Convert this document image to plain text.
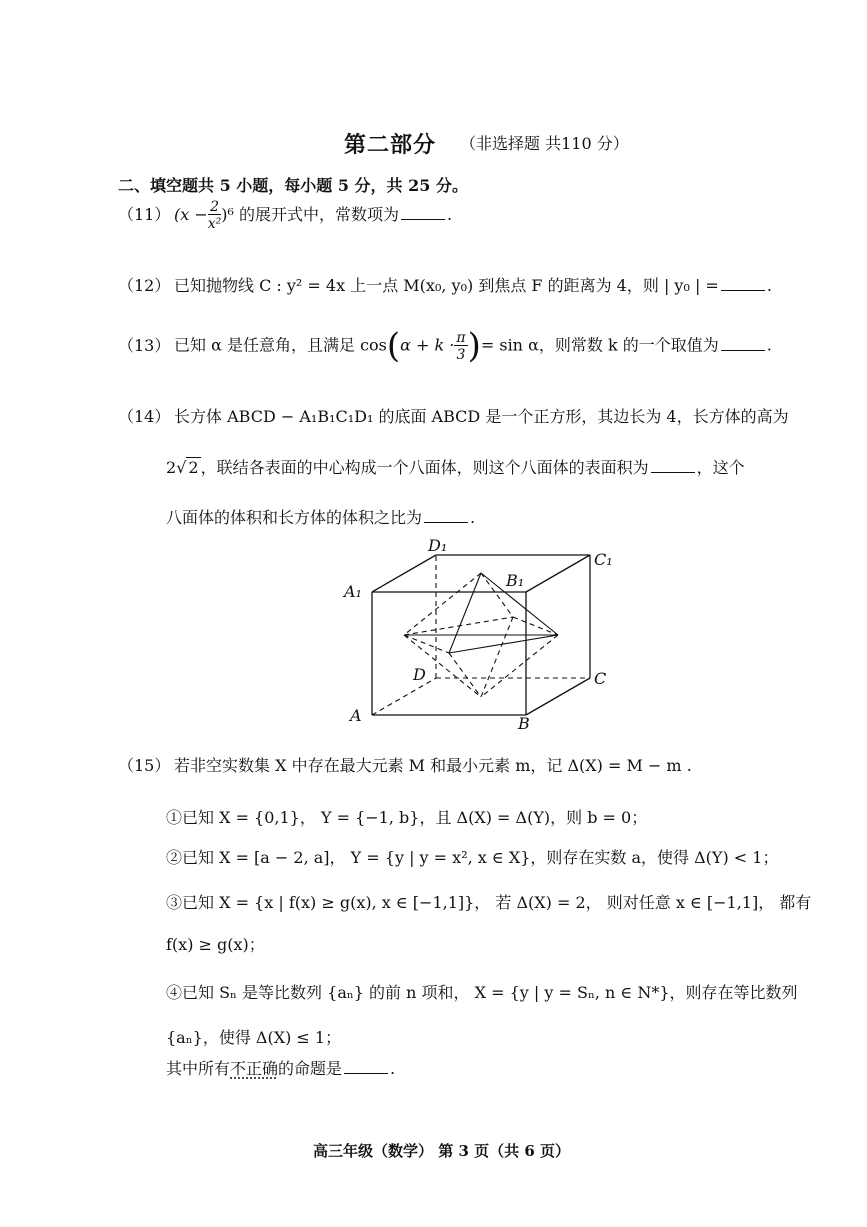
第二部分 （非选择题 共110 分）
二、填空题共 5 小题，每小题 5 分，共 25 分。
（11） $(x - \frac{2}{\text{x²}} )^6$ 的展开式中，常数项为	.
（12） 已知抛物线 C : y² = 4x 上一点 M(x₀, y₀) 到焦点 F 的距离为 4，则 | y₀ | =	.
（13） 已知 α 是任意角，且满足 $\cos(\alpha + k \cdot \frac{\pi}{3}$ )= sin α，则常数 k 的一个取值为	.
（14） 长方体 ABCD − A₁B₁C₁D₁ 的底面 ABCD 是一个正方形，其边长为 4，长方体的高为
2√ 2 ，联结各表面的中心构成一个八面体，则这个八面体的表面积为	，这个
八面体的体积和长方体的体积之比为	.
D₁
C₁
A₁
B₁
D	C
A	B
（15） 若非空实数集 X 中存在最大元素 M 和最小元素 m，记 Δ(X) = M − m .
①已知 X = {0,1}， Y = {−1, b}，且 Δ(X) = Δ(Y)，则 b = 0；
②已知 X = [a − 2, a]， Y = {y | y = x², x ∈ X}，则存在实数 a，使得 Δ(Y) < 1；
③已知 X = {x | f(x) ≥ g(x), x ∈ [−1,1]}， 若 Δ(X) = 2， 则对任意 x ∈ [−1,1]， 都有
f(x) ≥ g(x)；
④已知 Sₙ 是等比数列 {aₙ} 的前 n 项和， X = {y | y = Sₙ, n ∈ N*}，则存在等比数列
{aₙ}，使得 Δ(X) ≤ 1；
其中所有不正确的命题是	.
高三年级（数学） 第 3 页（共 6 页）
